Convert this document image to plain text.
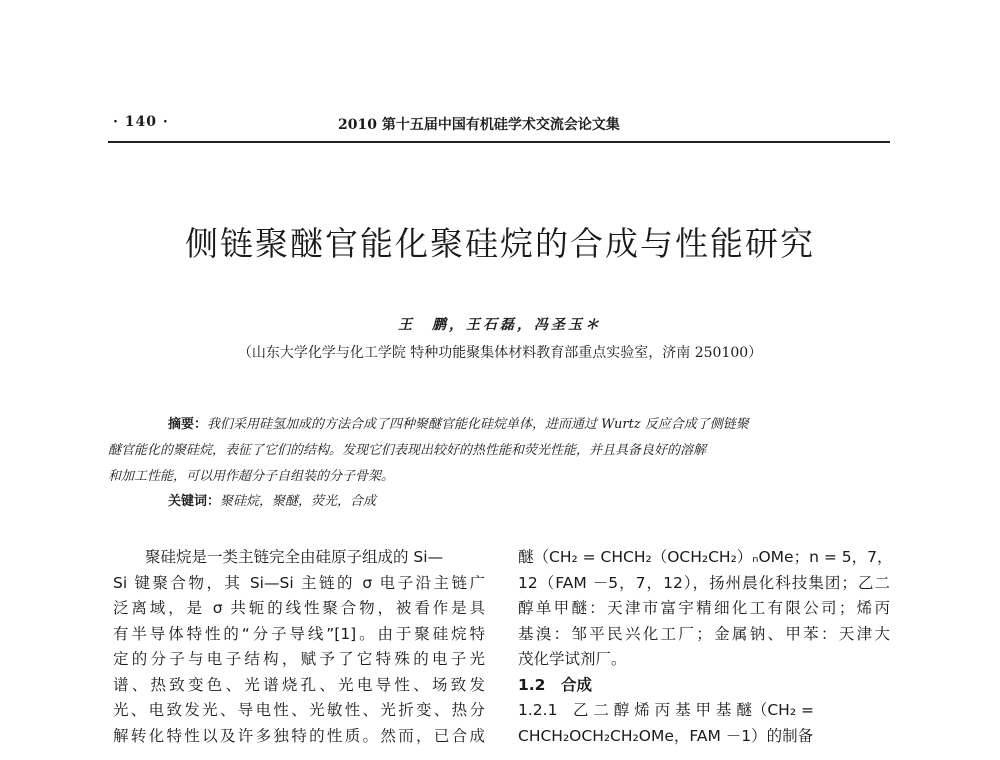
· 140 ·	2010 第十五届中国有机硅学术交流会论文集
侧链聚醚官能化聚硅烷的合成与性能研究
王　鹏，王石磊，冯圣玉＊
（山东大学化学与化工学院 特种功能聚集体材料教育部重点实验室，济南 250100）
摘要：我们采用硅氢加成的方法合成了四种聚醚官能化硅烷单体，进而通过 Wurtz 反应合成了侧链聚
醚官能化的聚硅烷，表征了它们的结构。发现它们表现出较好的热性能和荧光性能，并且具备良好的溶解
和加工性能，可以用作超分子自组装的分子骨架。
关键词：聚硅烷，聚醚，荧光，合成
聚硅烷是一类主链完全由硅原子组成的 Si—
Si 键聚合物，其 Si—Si 主链的 σ 电子沿主链广
泛离域，是 σ 共轭的线性聚合物，被看作是具
有半导体特性的“分子导线”[1]。由于聚硅烷特
定的分子与电子结构，赋予了它特殊的电子光
谱、热致变色、光谱烧孔、光电导性、场致发
光、电致发光、导电性、光敏性、光折变、热分
解转化特性以及许多独特的性质。然而，已合成
醚（CH₂ = CHCH₂（OCH₂CH₂）ₙOMe；n = 5，7，
12（FAM －5，7，12），扬州晨化科技集团；乙二
醇单甲醚：天津市富宇精细化工有限公司；烯丙
基溴：邹平民兴化工厂；金属钠、甲苯：天津大
茂化学试剂厂。
1.2　合成
1.2.1　乙 二 醇 烯 丙 基 甲 基 醚（CH₂ =
CHCH₂OCH₂CH₂OMe，FAM －1）的制备
